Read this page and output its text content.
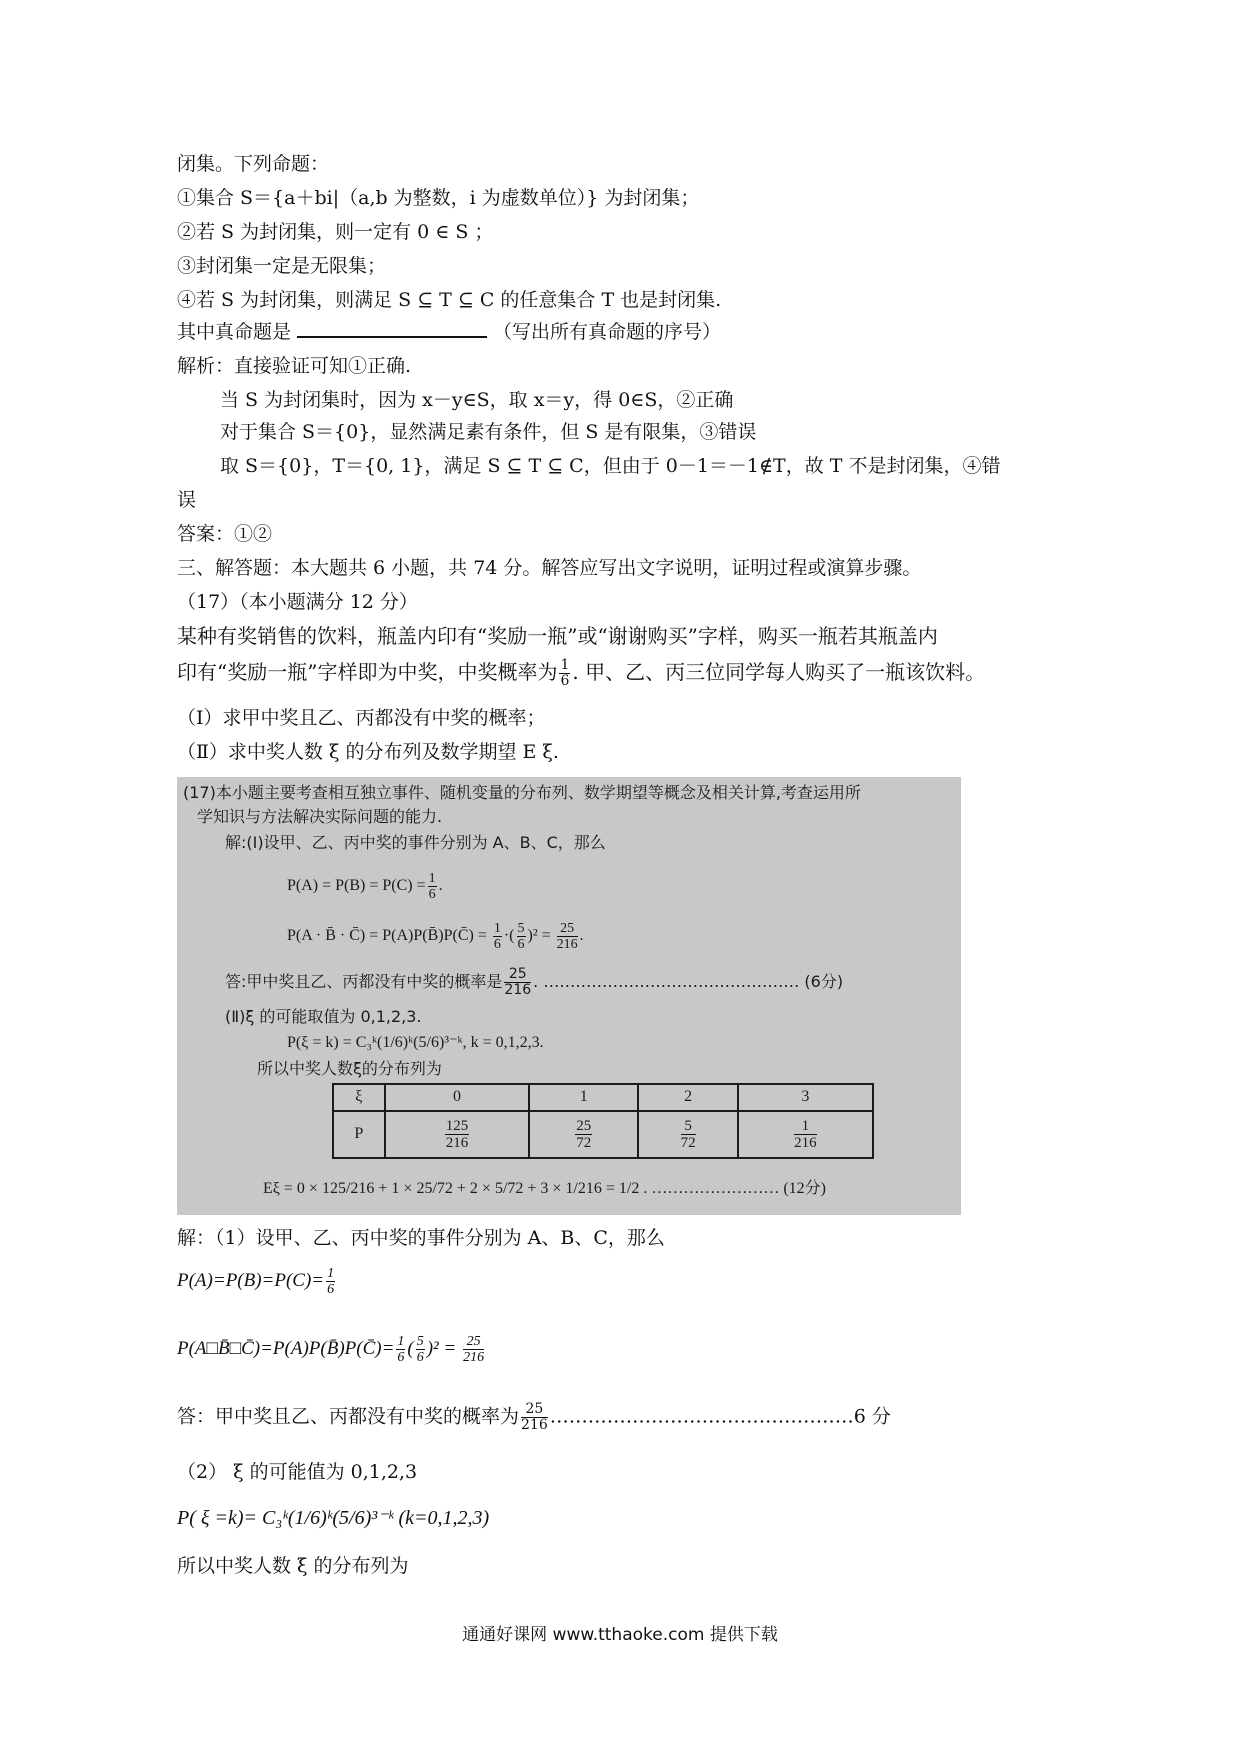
闭集。下列命题：
①集合 S＝{a＋bi|（a,b 为整数，i 为虚数单位）} 为封闭集；
②若 S 为封闭集，则一定有 0 ∈ S ；
③封闭集一定是无限集；
④若 S 为封闭集，则满足 S ⊆ T ⊆ C 的任意集合 T 也是封闭集.
其中真命题是	（写出所有真命题的序号）
解析：直接验证可知①正确.
当 S 为封闭集时，因为 x－y∈S，取 x＝y，得 0∈S，②正确
对于集合 S＝{0}，显然满足素有条件，但 S 是有限集，③错误
取 S＝{0}，T＝{0, 1}，满足 S ⊆ T ⊆ C，但由于 0－1＝－1∉T，故 T 不是封闭集，④错
误
答案：①②
三、解答题：本大题共 6 小题，共 74 分。解答应写出文字说明，证明过程或演算步骤。
（17）（本小题满分 12 分）
某种有奖销售的饮料，瓶盖内印有“奖励一瓶”或“谢谢购买”字样，购买一瓶若其瓶盖内
印有“奖励一瓶”字样即为中奖，中奖概率为 $\frac{1}{6}$ . 甲、乙、丙三位同学每人购买了一瓶该饮料。
（Ⅰ）求甲中奖且乙、丙都没有中奖的概率；
（Ⅱ）求中奖人数 ξ 的分布列及数学期望 E ξ.
(17)本小题主要考查相互独立事件、随机变量的分布列、数学期望等概念及相关计算,考查运用所
学知识与方法解决实际问题的能力.
解:(Ⅰ)设甲、乙、丙中奖的事件分别为 A、B、C，那么
$P(A) = P(B) = P(C) = \frac{1}{6}$ .
P(A · B̄ · C̄) = P(A)P(B̄)P(C̄) = $\frac{1}{6}$ ·( $\frac{5}{6} )^2 = \frac{25}{216}$ .
答:甲中奖且乙、丙都没有中奖的概率是 $\frac{25}{216}$ . ………………………………………… (6分)
(Ⅱ)ξ 的可能取值为 0,1,2,3.
P(ξ = k) = C₃ᵏ(1/6)ᵏ(5/6)³⁻ᵏ, k = 0,1,2,3.
所以中奖人数ξ的分布列为
ξ	0	1	2	3
P	$\frac{125}{216}$	$\frac{25}{72}$	$\frac{5}{72}$	$\frac{1}{216}$
Eξ = 0 × 125/216 + 1 × 25/72 + 2 × 5/72 + 3 × 1/216 = 1/2 . …………………… (12分)
解：（1）设甲、乙、丙中奖的事件分别为 A、B、C，那么
$P(A)=P(B)=P(C)= \frac{1}{6}$
P(A□B̄□C̄)=P(A)P(B̄)P(C̄)= $\frac{1}{6}$ ( $\frac{5}{6} )^2 = \frac{25}{216}$
答：甲中奖且乙、丙都没有中奖的概率为 $\frac{25}{216}$ …………………………………………6 分
（2） ξ 的可能值为 0,1,2,3
P( ξ =k)= C₃ᵏ(1/6)ᵏ(5/6)³⁻ᵏ (k=0,1,2,3)
所以中奖人数 ξ 的分布列为
通通好课网 www.tthaoke.com 提供下载
